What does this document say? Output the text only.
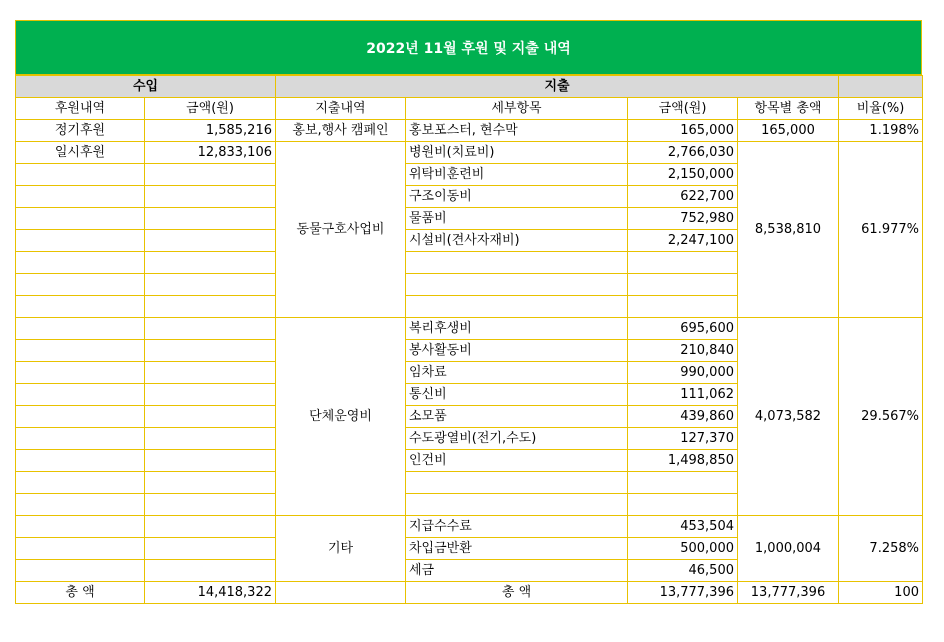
2022년 11월 후원 및 지출 내역
수입		지출				
후원내역	금액(원)	지출내역	세부항목	금액(원)	항목별 총액	비율(%)
정기후원	1,585,216	홍보,행사 캠페인	홍보포스터, 현수막	165,000	165,000	1.198%
일시후원	12,833,106	동물구호사업비	병원비(치료비)	2,766,030	8,538,810	61.977%
			위탁비훈련비	2,150,000		
			구조이동비	622,700		
			물품비	752,980		
			시설비(견사자재비)	2,247,100		

		단체운영비	복리후생비	695,600	4,073,582	29.567%
			봉사활동비	210,840		
			임차료	990,000		
			통신비	111,062		
			소모품	439,860		
			수도광열비(전기,수도)	127,370		
			인건비	1,498,850		

		기타	지급수수료	453,504	1,000,004	7.258%
			차입금반환	500,000		
			세금	46,500		
총 액	14,418,322		총 액	13,777,396	13,777,396	100
